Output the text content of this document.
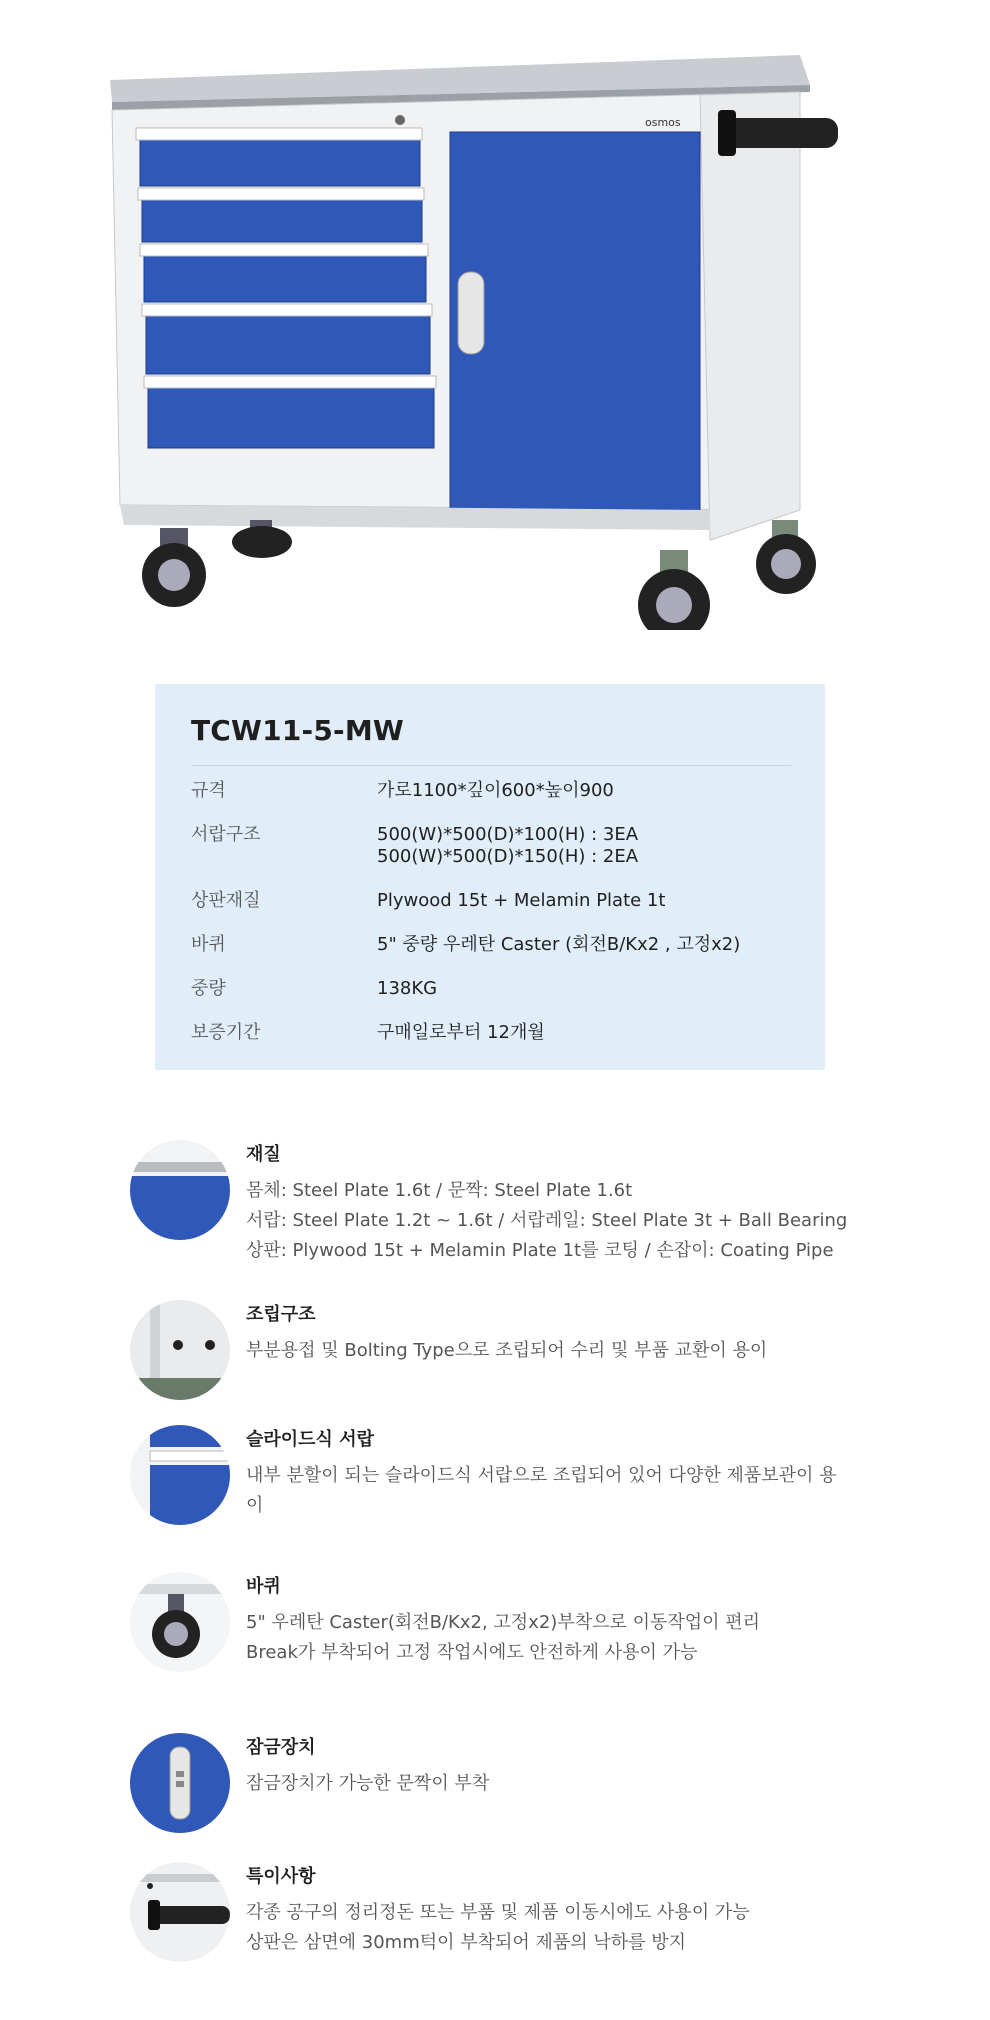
osmos
TCW11-5-MW
규격	가로1100*깊이600*높이900
서랍구조	500(W)*500(D)*100(H) : 3EA
500(W)*500(D)*150(H) : 2EA
상판재질	Plywood 15t + Melamin Plate 1t
바퀴	5" 중량 우레탄 Caster (회전B/Kx2 , 고정x2)
중량	138KG
보증기간	구매일로부터 12개월
재질
몸체: Steel Plate 1.6t / 문짝: Steel Plate 1.6t
서랍: Steel Plate 1.2t ~ 1.6t / 서랍레일: Steel Plate 3t + Ball Bearing
상판: Plywood 15t + Melamin Plate 1t를 코팅 / 손잡이: Coating Pipe
조립구조
부분용접 및 Bolting Type으로 조립되어 수리 및 부품 교환이 용이
슬라이드식 서랍
내부 분할이 되는 슬라이드식 서랍으로 조립되어 있어 다양한 제품보관이 용
이
바퀴
5" 우레탄 Caster(회전B/Kx2, 고정x2)부착으로 이동작업이 편리
Break가 부착되어 고정 작업시에도 안전하게 사용이 가능
잠금장치
잠금장치가 가능한 문짝이 부착
특이사항
각종 공구의 정리정돈 또는 부품 및 제품 이동시에도 사용이 가능
상판은 삼면에 30mm턱이 부착되어 제품의 낙하를 방지
